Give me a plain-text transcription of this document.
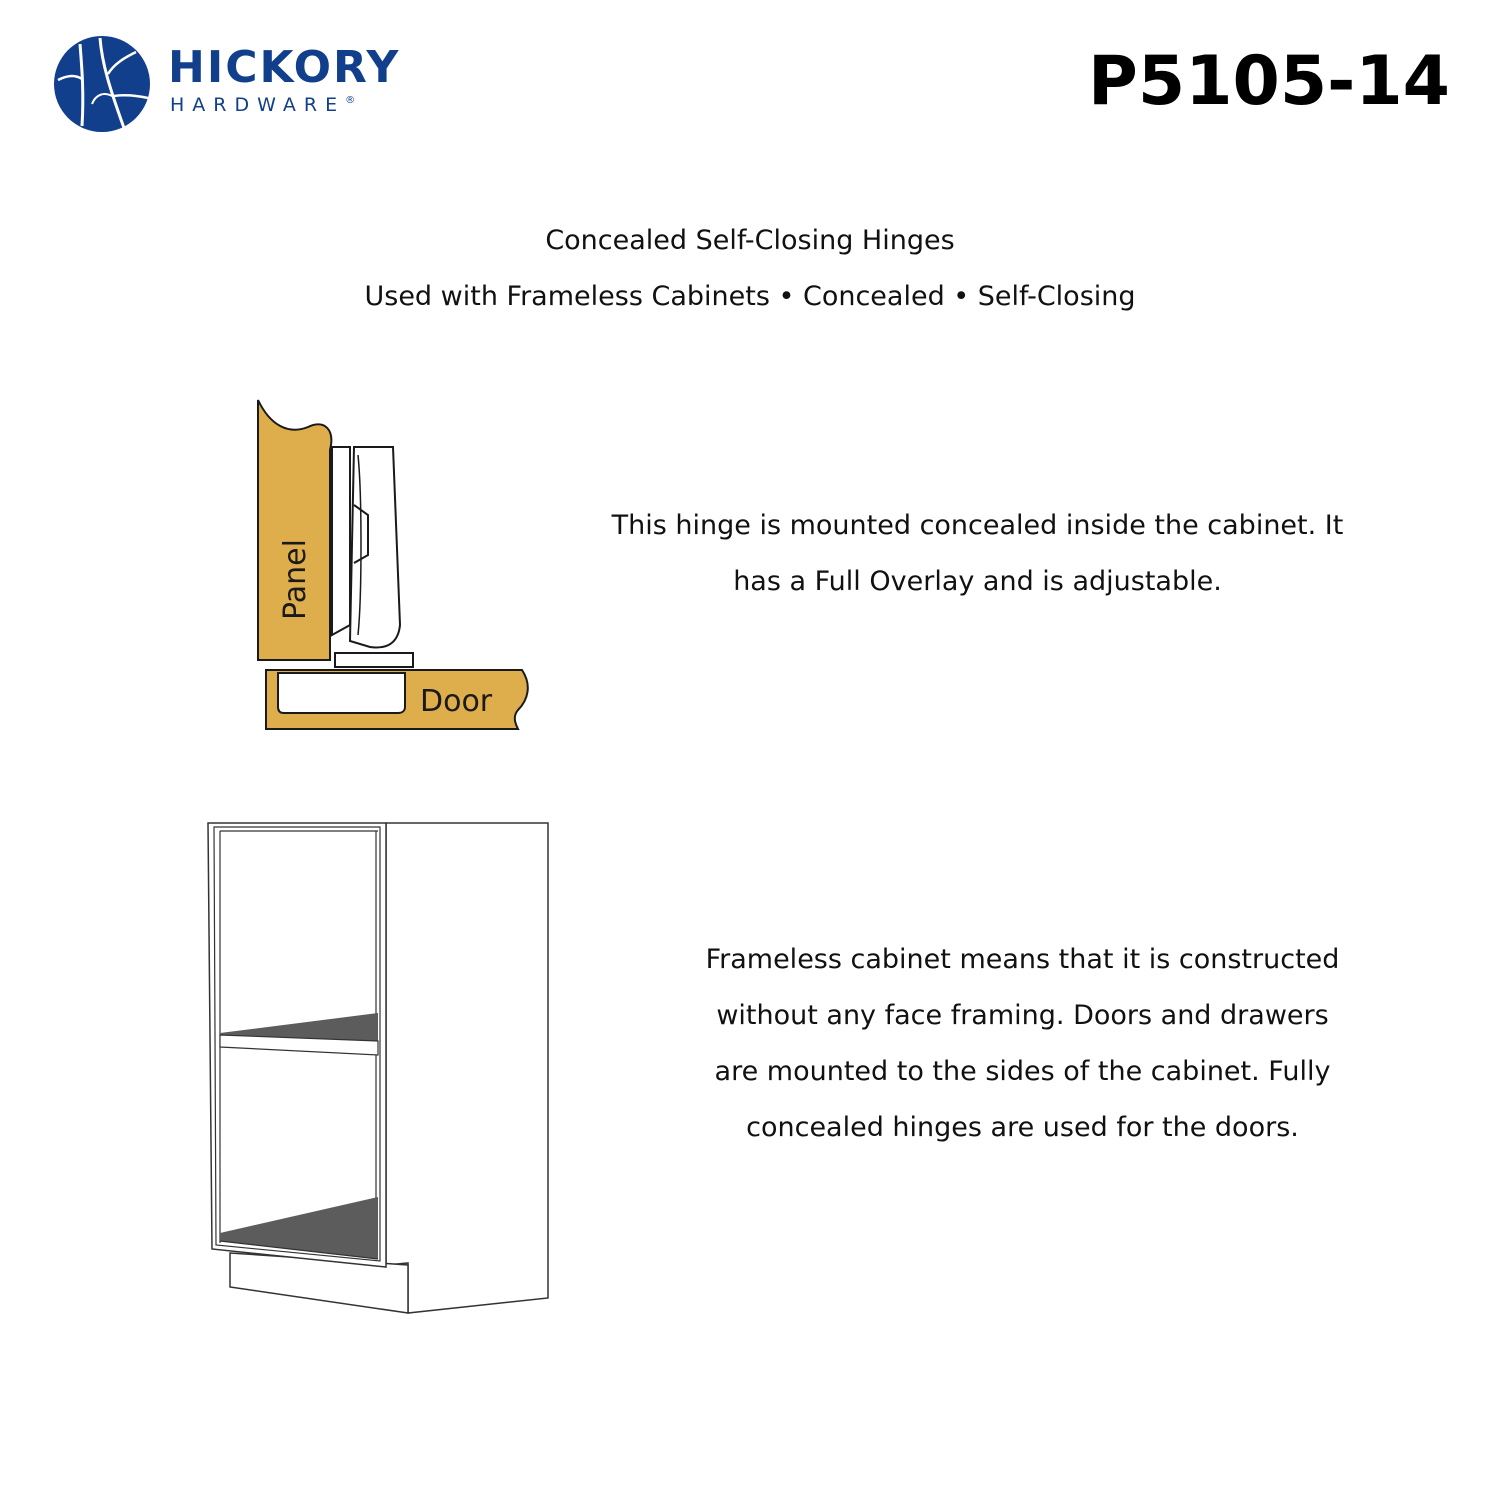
HICKORY
HARDWARE®	P5105-14
Concealed Self-Closing Hinges
Used with Frameless Cabinets • Concealed • Self-Closing
Panel
Door
This hinge is mounted concealed inside the cabinet. It
has a Full Overlay and is adjustable.
Frameless cabinet means that it is constructed
without any face framing. Doors and drawers
are mounted to the sides of the cabinet. Fully
concealed hinges are used for the doors.
